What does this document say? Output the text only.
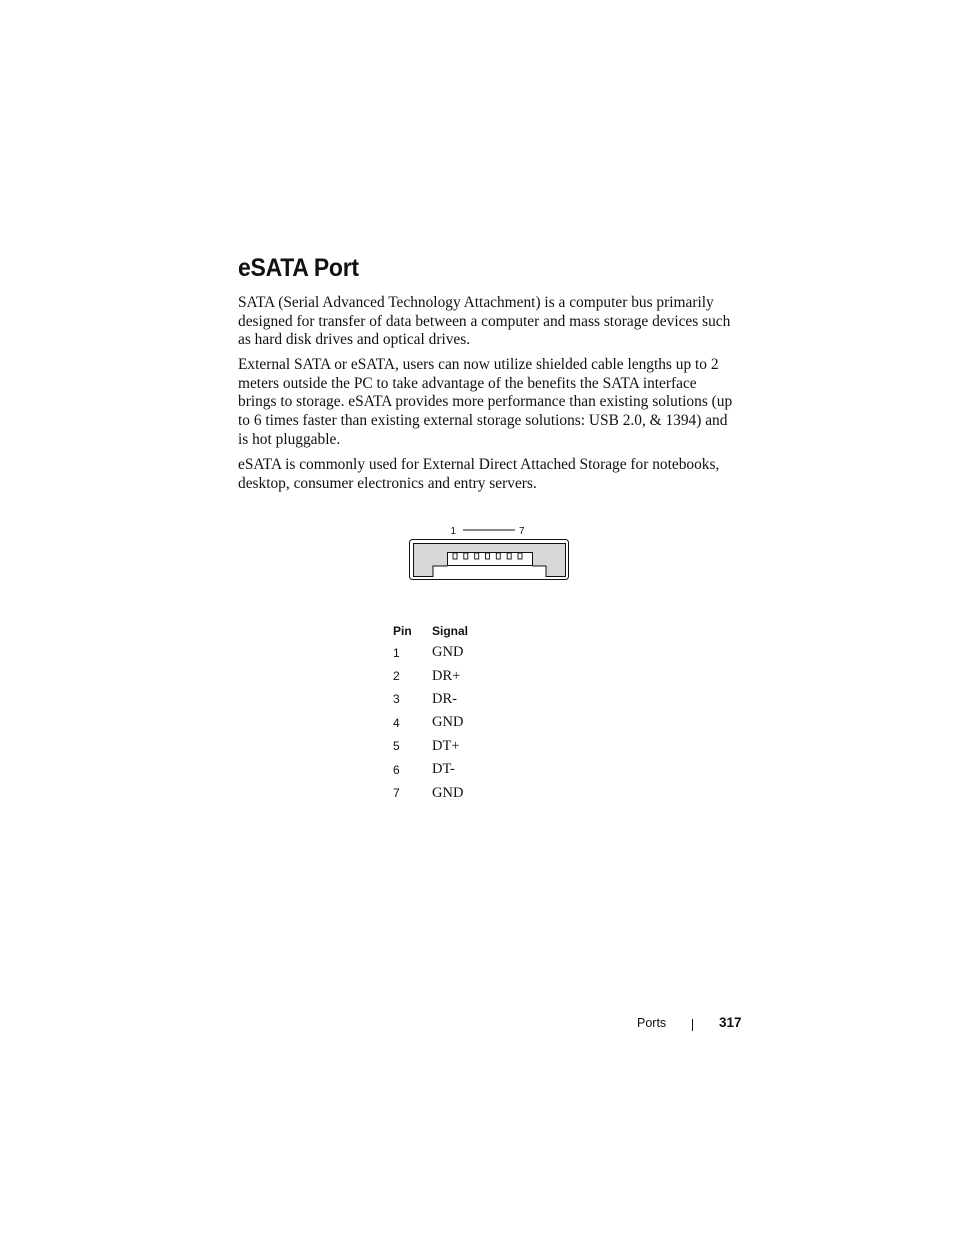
eSATA Port

SATA (Serial Advanced Technology Attachment) is a computer bus primarily designed for transfer of data between a computer and mass storage devices such as hard disk drives and optical drives.

External SATA or eSATA, users can now utilize shielded cable lengths up to 2 meters outside the PC to take advantage of the benefits the SATA interface brings to storage. eSATA provides more performance than existing solutions (up to 6 times faster than existing external storage solutions: USB 2.0, & 1394) and is hot pluggable.

eSATA is commonly used for External Direct Attached Storage for notebooks, desktop, consumer electronics and entry servers.

1	7
Pin	Signal
1	GND
2	DR+
3	DR-
4	GND
5	DT+
6	DT-
7	GND
Ports	317
